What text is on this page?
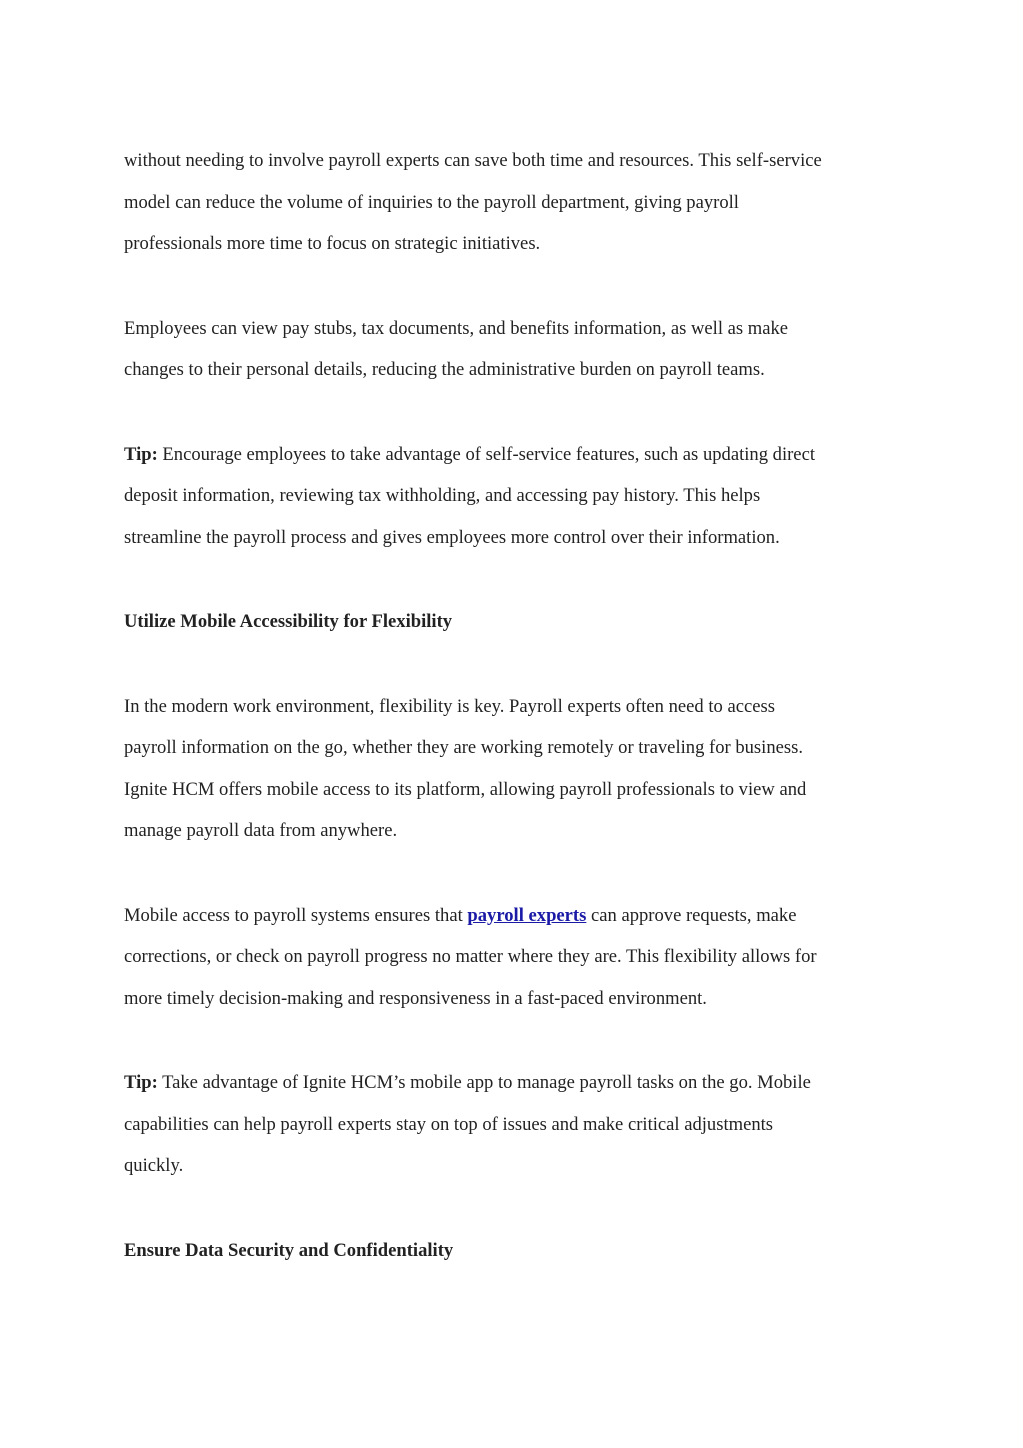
without needing to involve payroll experts can save both time and resources. This self-service

model can reduce the volume of inquiries to the payroll department, giving payroll

professionals more time to focus on strategic initiatives.

Employees can view pay stubs, tax documents, and benefits information, as well as make

changes to their personal details, reducing the administrative burden on payroll teams.

Tip: Encourage employees to take advantage of self-service features, such as updating direct

deposit information, reviewing tax withholding, and accessing pay history. This helps

streamline the payroll process and gives employees more control over their information.

Utilize Mobile Accessibility for Flexibility

In the modern work environment, flexibility is key. Payroll experts often need to access

payroll information on the go, whether they are working remotely or traveling for business.

Ignite HCM offers mobile access to its platform, allowing payroll professionals to view and

manage payroll data from anywhere.

Mobile access to payroll systems ensures that payroll experts can approve requests, make

corrections, or check on payroll progress no matter where they are. This flexibility allows for

more timely decision-making and responsiveness in a fast-paced environment.

Tip: Take advantage of Ignite HCM’s mobile app to manage payroll tasks on the go. Mobile

capabilities can help payroll experts stay on top of issues and make critical adjustments

quickly.

Ensure Data Security and Confidentiality
